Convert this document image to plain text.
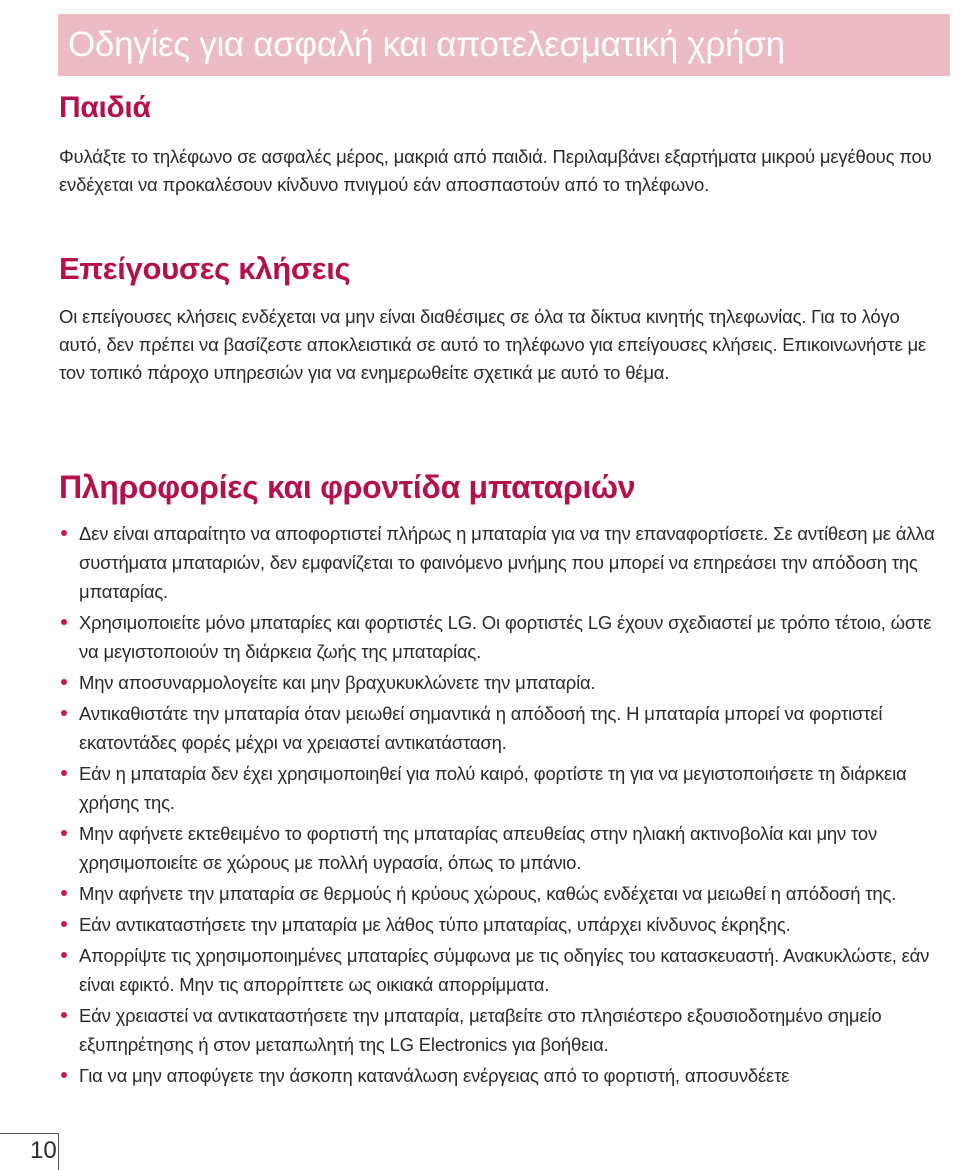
Οδηγίες για ασφαλή και αποτελεσματική χρήση
Παιδιά
Φυλάξτε το τηλέφωνο σε ασφαλές μέρος, μακριά από παιδιά. Περιλαμβάνει εξαρτήματα μικρού μεγέθους που ενδέχεται να προκαλέσουν κίνδυνο πνιγμού εάν αποσπαστούν από το τηλέφωνο.
Επείγουσες κλήσεις
Οι επείγουσες κλήσεις ενδέχεται να μην είναι διαθέσιμες σε όλα τα δίκτυα κινητής τηλεφωνίας. Για το λόγο αυτό, δεν πρέπει να βασίζεστε αποκλειστικά σε αυτό το τηλέφωνο για επείγουσες κλήσεις. Επικοινωνήστε με τον τοπικό πάροχο υπηρεσιών για να ενημερωθείτε σχετικά με αυτό το θέμα.
Πληροφορίες και φροντίδα μπαταριών
Δεν είναι απαραίτητο να αποφορτιστεί πλήρως η μπαταρία για να την επαναφορτίσετε. Σε αντίθεση με άλλα συστήματα μπαταριών, δεν εμφανίζεται το φαινόμενο μνήμης που μπορεί να επηρεάσει την απόδοση της μπαταρίας.
Χρησιμοποιείτε μόνο μπαταρίες και φορτιστές LG. Οι φορτιστές LG έχουν σχεδιαστεί με τρόπο τέτοιο, ώστε να μεγιστοποιούν τη διάρκεια ζωής της μπαταρίας.
Μην αποσυναρμολογείτε και μην βραχυκυκλώνετε την μπαταρία.
Αντικαθιστάτε την μπαταρία όταν μειωθεί σημαντικά η απόδοσή της. Η μπαταρία μπορεί να φορτιστεί εκατοντάδες φορές μέχρι να χρειαστεί αντικατάσταση.
Εάν η μπαταρία δεν έχει χρησιμοποιηθεί για πολύ καιρό, φορτίστε τη για να μεγιστοποιήσετε τη διάρκεια χρήσης της.
Μην αφήνετε εκτεθειμένο το φορτιστή της μπαταρίας απευθείας στην ηλιακή ακτινοβολία και μην τον χρησιμοποιείτε σε χώρους με πολλή υγρασία, όπως το μπάνιο.
Μην αφήνετε την μπαταρία σε θερμούς ή κρύους χώρους, καθώς ενδέχεται να μειωθεί η απόδοσή της.
Εάν αντικαταστήσετε την μπαταρία με λάθος τύπο μπαταρίας, υπάρχει κίνδυνος έκρηξης.
Απορρίψτε τις χρησιμοποιημένες μπαταρίες σύμφωνα με τις οδηγίες του κατασκευαστή. Ανακυκλώστε, εάν είναι εφικτό. Μην τις απορρίπτετε ως οικιακά απορρίμματα.
Εάν χρειαστεί να αντικαταστήσετε την μπαταρία, μεταβείτε στο πλησιέστερο εξουσιοδοτημένο σημείο εξυπηρέτησης ή στον μεταπωλητή της LG Electronics για βοήθεια.
Για να μην αποφύγετε την άσκοπη κατανάλωση ενέργειας από το φορτιστή, αποσυνδέετε
10
